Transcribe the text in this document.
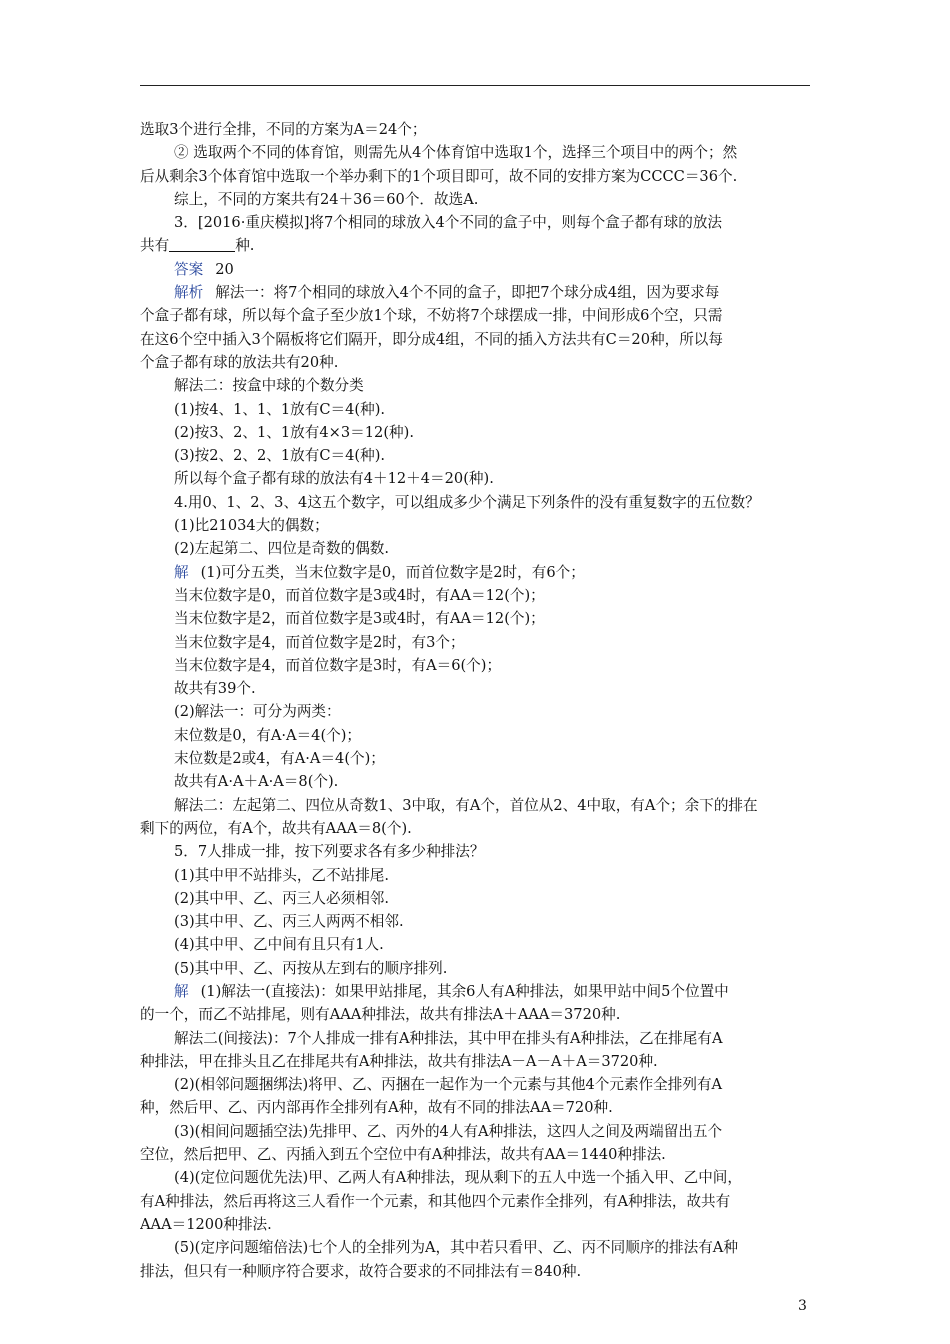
选取3个进行全排，不同的方案为A＝24个；
② 选取两个不同的体育馆，则需先从4个体育馆中选取1个，选择三个项目中的两个；然
后从剩余3个体育馆中选取一个举办剩下的1个项目即可，故不同的安排方案为CCCC＝36个.
综上，不同的方案共有24＋36＝60个．故选A.
3．[2016·重庆模拟]将7个相同的球放入4个不同的盒子中，则每个盒子都有球的放法
共有	种.
答案 20
解析 解法一：将7个相同的球放入4个不同的盒子，即把7个球分成4组，因为要求每
个盒子都有球，所以每个盒子至少放1个球，不妨将7个球摆成一排，中间形成6个空，只需
在这6个空中插入3个隔板将它们隔开，即分成4组，不同的插入方法共有C＝20种，所以每
个盒子都有球的放法共有20种.
解法二：按盒中球的个数分类
(1)按4、1、1、1放有C＝4(种).
(2)按3、2、1、1放有4×3＝12(种).
(3)按2、2、2、1放有C＝4(种).
所以每个盒子都有球的放法有4＋12＋4＝20(种).
4.用0、1、2、3、4这五个数字，可以组成多少个满足下列条件的没有重复数字的五位数？
(1)比21034大的偶数；
(2)左起第二、四位是奇数的偶数.
解 (1)可分五类，当末位数字是0，而首位数字是2时，有6个；
当末位数字是0，而首位数字是3或4时，有AA＝12(个)；
当末位数字是2，而首位数字是3或4时，有AA＝12(个)；
当末位数字是4，而首位数字是2时，有3个；
当末位数字是4，而首位数字是3时，有A＝6(个)；
故共有39个.
(2)解法一：可分为两类：
末位数是0，有A·A＝4(个)；
末位数是2或4，有A·A＝4(个)；
故共有A·A＋A·A＝8(个).
解法二：左起第二、四位从奇数1、3中取，有A个，首位从2、4中取，有A个；余下的排在
剩下的两位，有A个，故共有AAA＝8(个).
5．7人排成一排，按下列要求各有多少种排法？
(1)其中甲不站排头，乙不站排尾.
(2)其中甲、乙、丙三人必须相邻.
(3)其中甲、乙、丙三人两两不相邻.
(4)其中甲、乙中间有且只有1人.
(5)其中甲、乙、丙按从左到右的顺序排列.
解 (1)解法一(直接法)：如果甲站排尾，其余6人有A种排法，如果甲站中间5个位置中
的一个，而乙不站排尾，则有AAA种排法，故共有排法A＋AAA＝3720种.
解法二(间接法)：7个人排成一排有A种排法，其中甲在排头有A种排法，乙在排尾有A
种排法，甲在排头且乙在排尾共有A种排法，故共有排法A－A－A＋A＝3720种.
(2)(相邻问题捆绑法)将甲、乙、丙捆在一起作为一个元素与其他4个元素作全排列有A
种，然后甲、乙、丙内部再作全排列有A种，故有不同的排法AA＝720种.
(3)(相间问题插空法)先排甲、乙、丙外的4人有A种排法，这四人之间及两端留出五个
空位，然后把甲、乙、丙插入到五个空位中有A种排法，故共有AA＝1440种排法.
(4)(定位问题优先法)甲、乙两人有A种排法，现从剩下的五人中选一个插入甲、乙中间，
有A种排法，然后再将这三人看作一个元素，和其他四个元素作全排列，有A种排法，故共有
AAA＝1200种排法.
(5)(定序问题缩倍法)七个人的全排列为A，其中若只看甲、乙、丙不同顺序的排法有A种
排法，但只有一种顺序符合要求，故符合要求的不同排法有＝840种.
3
